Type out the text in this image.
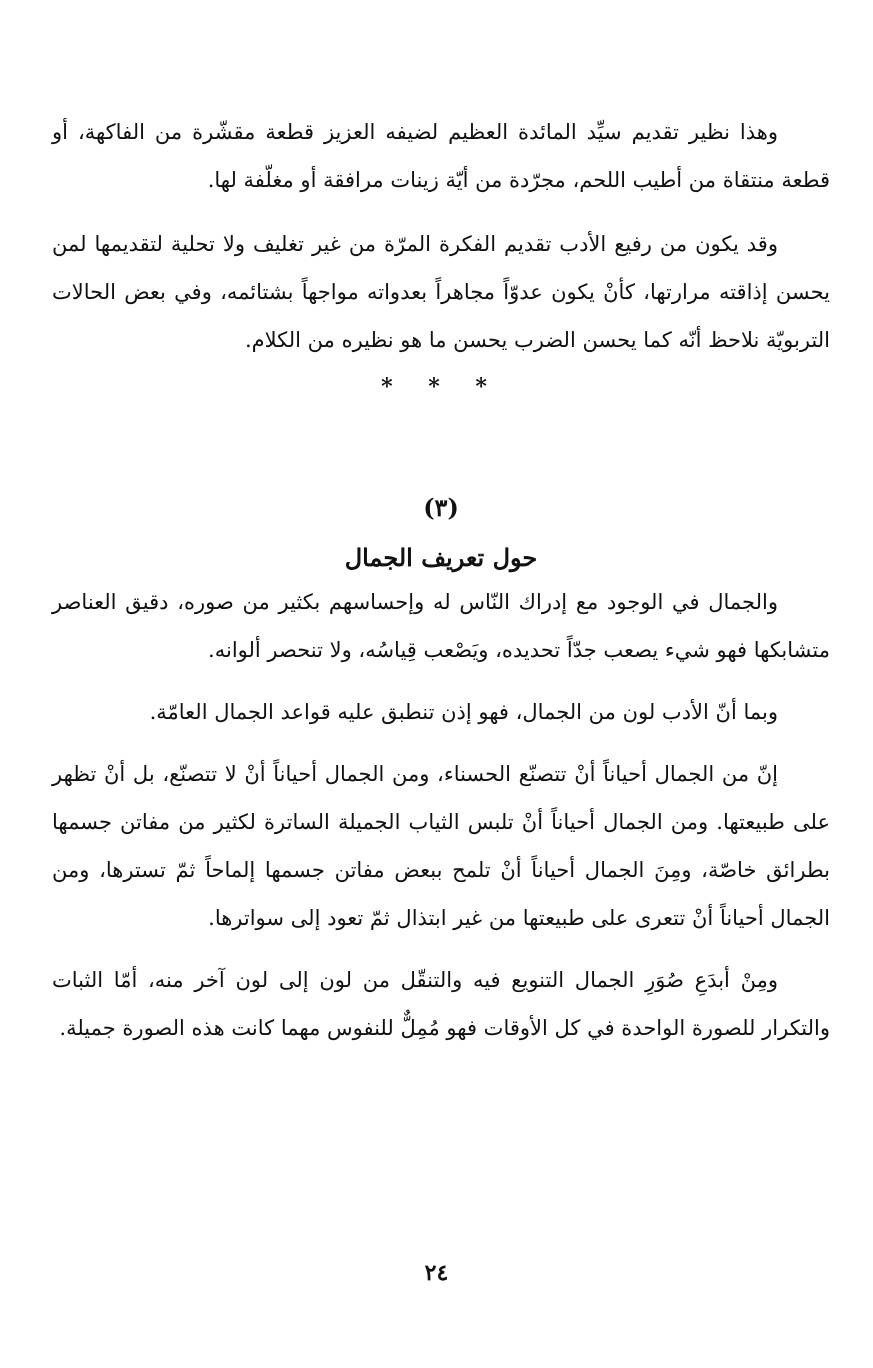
وهذا نظير تقديم سيِّد المائدة العظيم لضيفه العزيز قطعة مقشّرة من الفاكهة، أو قطعة منتقاة من أطيب اللحم، مجرّدة من أيّة زينات مرافقة أو مغلّفة لها.

وقد يكون من رفيع الأدب تقديم الفكرة المرّة من غير تغليف ولا تحلية لتقديمها لمن يحسن إذاقته مرارتها، كأنْ يكون عدوّاً مجاهراً بعدواته مواجهاً بشتائمه، وفي بعض الحالات التربويّة نلاحظ أنّه كما يحسن الضرب يحسن ما هو نظيره من الكلام.

* * *
(٣)
حول تعريف الجمال

والجمال في الوجود مع إدراك النّاس له وإحساسهم بكثير من صوره، دقيق العناصر متشابكها فهو شيء يصعب جدّاً تحديده، ويَصْعب قِياسُه، ولا تنحصر ألوانه.

وبما أنّ الأدب لون من الجمال، فهو إذن تنطبق عليه قواعد الجمال العامّة.

إنّ من الجمال أحياناً أنْ تتصنّع الحسناء، ومن الجمال أحياناً أنْ لا تتصنّع، بل أنْ تظهر على طبيعتها. ومن الجمال أحياناً أنْ تلبس الثياب الجميلة الساترة لكثير من مفاتن جسمها بطرائق خاصّة، ومِنَ الجمال أحياناً أنْ تلمح ببعض مفاتن جسمها إلماحاً ثمّ تسترها، ومن الجمال أحياناً أنْ تتعرى على طبيعتها من غير ابتذال ثمّ تعود إلى سواترها.

ومِنْ أبدَعِ صُوَرِ الجمال التنويع فيه والتنقّل من لون إلى لون آخر منه، أمّا الثبات والتكرار للصورة الواحدة في كل الأوقات فهو مُمِلٌّ للنفوس مهما كانت هذه الصورة جميلة.

٢٤
